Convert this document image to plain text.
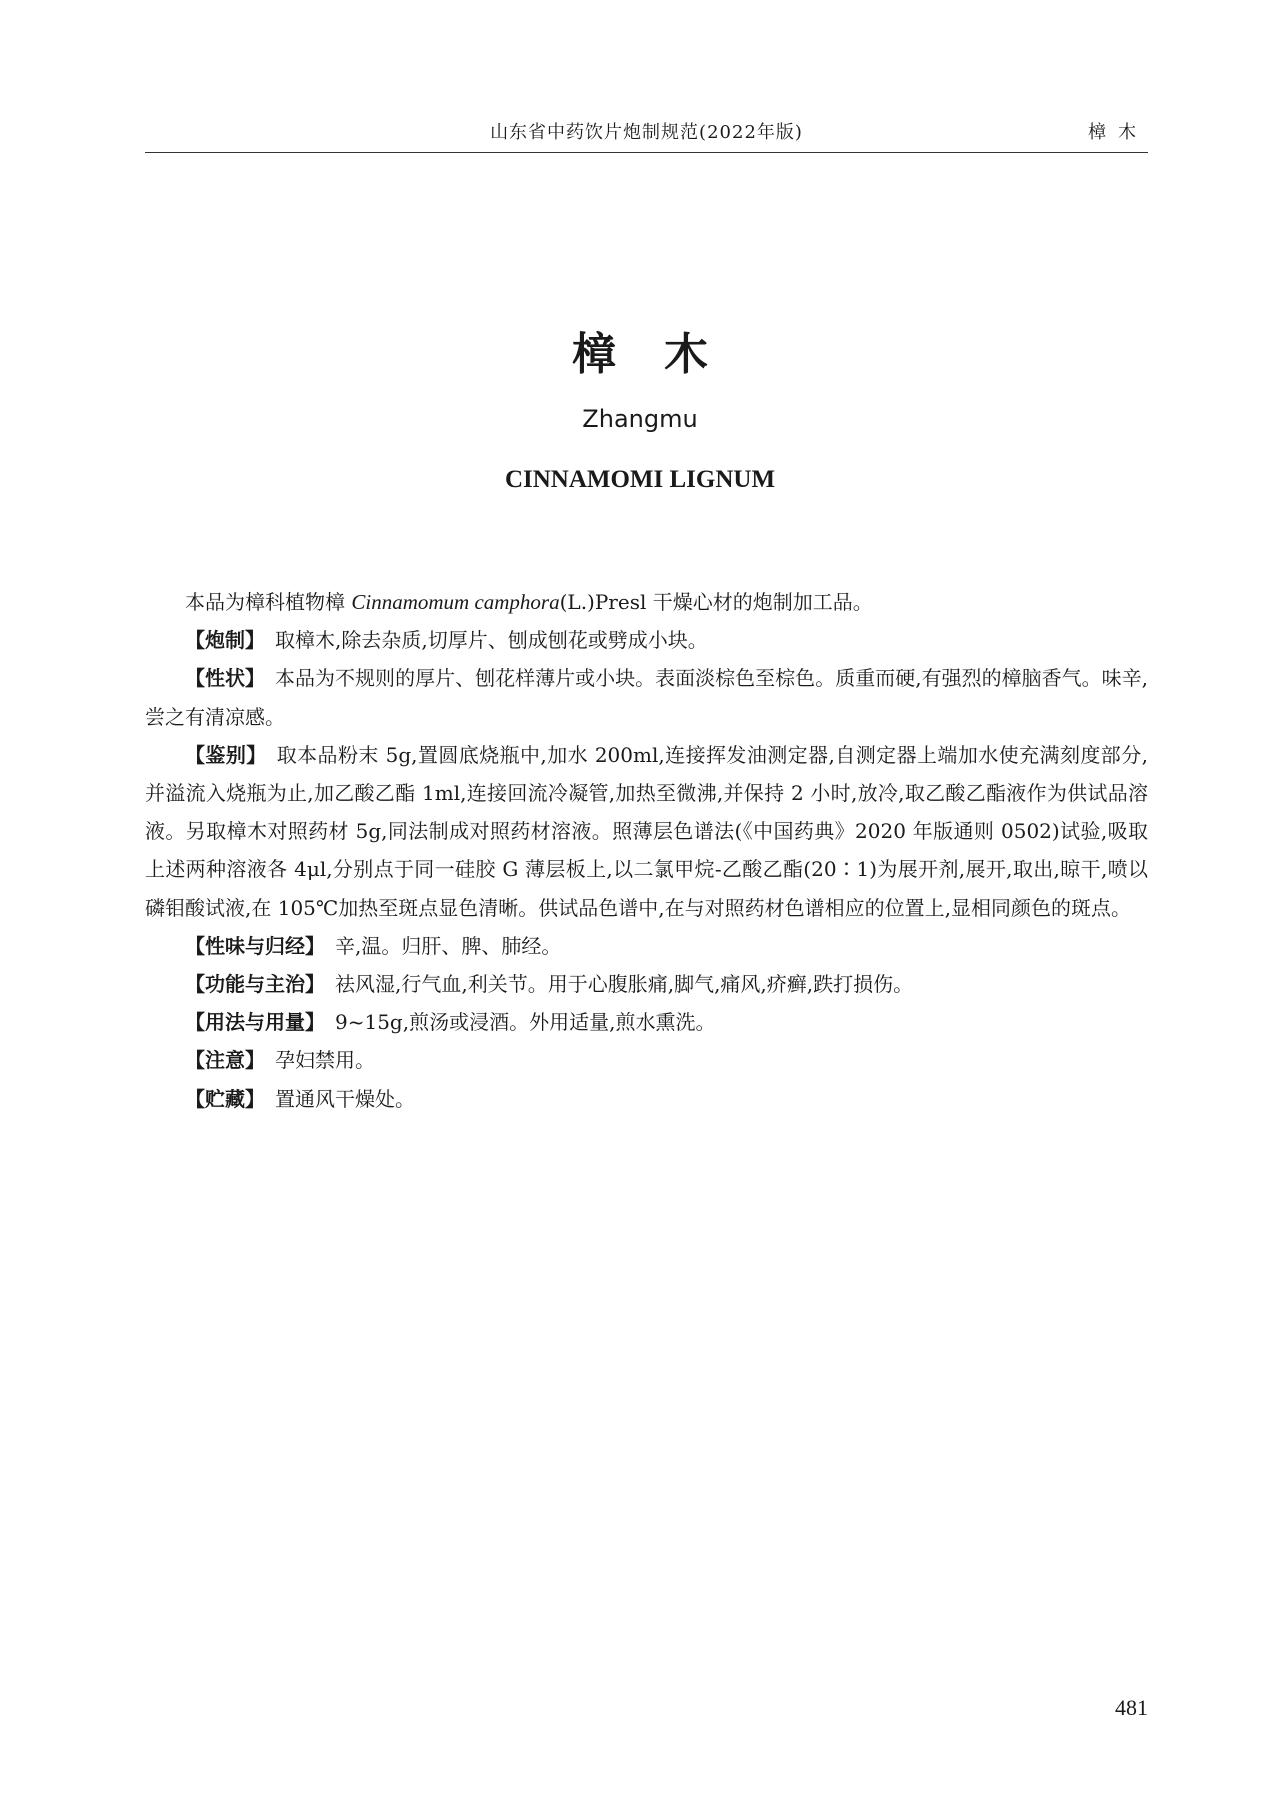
山东省中药饮片炮制规范(2022年版)	樟木
樟木
Zhangmu
CINNAMOMI LIGNUM

本品为樟科植物樟 Cinnamomum camphora(L.)Presl 干燥心材的炮制加工品。

【炮制】 取樟木,除去杂质,切厚片、刨成刨花或劈成小块。

【性状】 本品为不规则的厚片、刨花样薄片或小块。表面淡棕色至棕色。质重而硬,有强烈的樟脑香气。味辛,尝之有清凉感。

【鉴别】 取本品粉末 5g,置圆底烧瓶中,加水 200ml,连接挥发油测定器,自测定器上端加水使充满刻度部分,并溢流入烧瓶为止,加乙酸乙酯 1ml,连接回流冷凝管,加热至微沸,并保持 2 小时,放冷,取乙酸乙酯液作为供试品溶液。另取樟木对照药材 5g,同法制成对照药材溶液。照薄层色谱法(《中国药典》2020 年版通则 0502)试验,吸取上述两种溶液各 4μl,分别点于同一硅胶 G 薄层板上,以二氯甲烷-乙酸乙酯(20∶1)为展开剂,展开,取出,晾干,喷以磷钼酸试液,在 105℃加热至斑点显色清晰。供试品色谱中,在与对照药材色谱相应的位置上,显相同颜色的斑点。

【性味与归经】 辛,温。归肝、脾、肺经。

【功能与主治】 祛风湿,行气血,利关节。用于心腹胀痛,脚气,痛风,疥癣,跌打损伤。

【用法与用量】 9~15g,煎汤或浸酒。外用适量,煎水熏洗。

【注意】 孕妇禁用。

【贮藏】 置通风干燥处。

481
